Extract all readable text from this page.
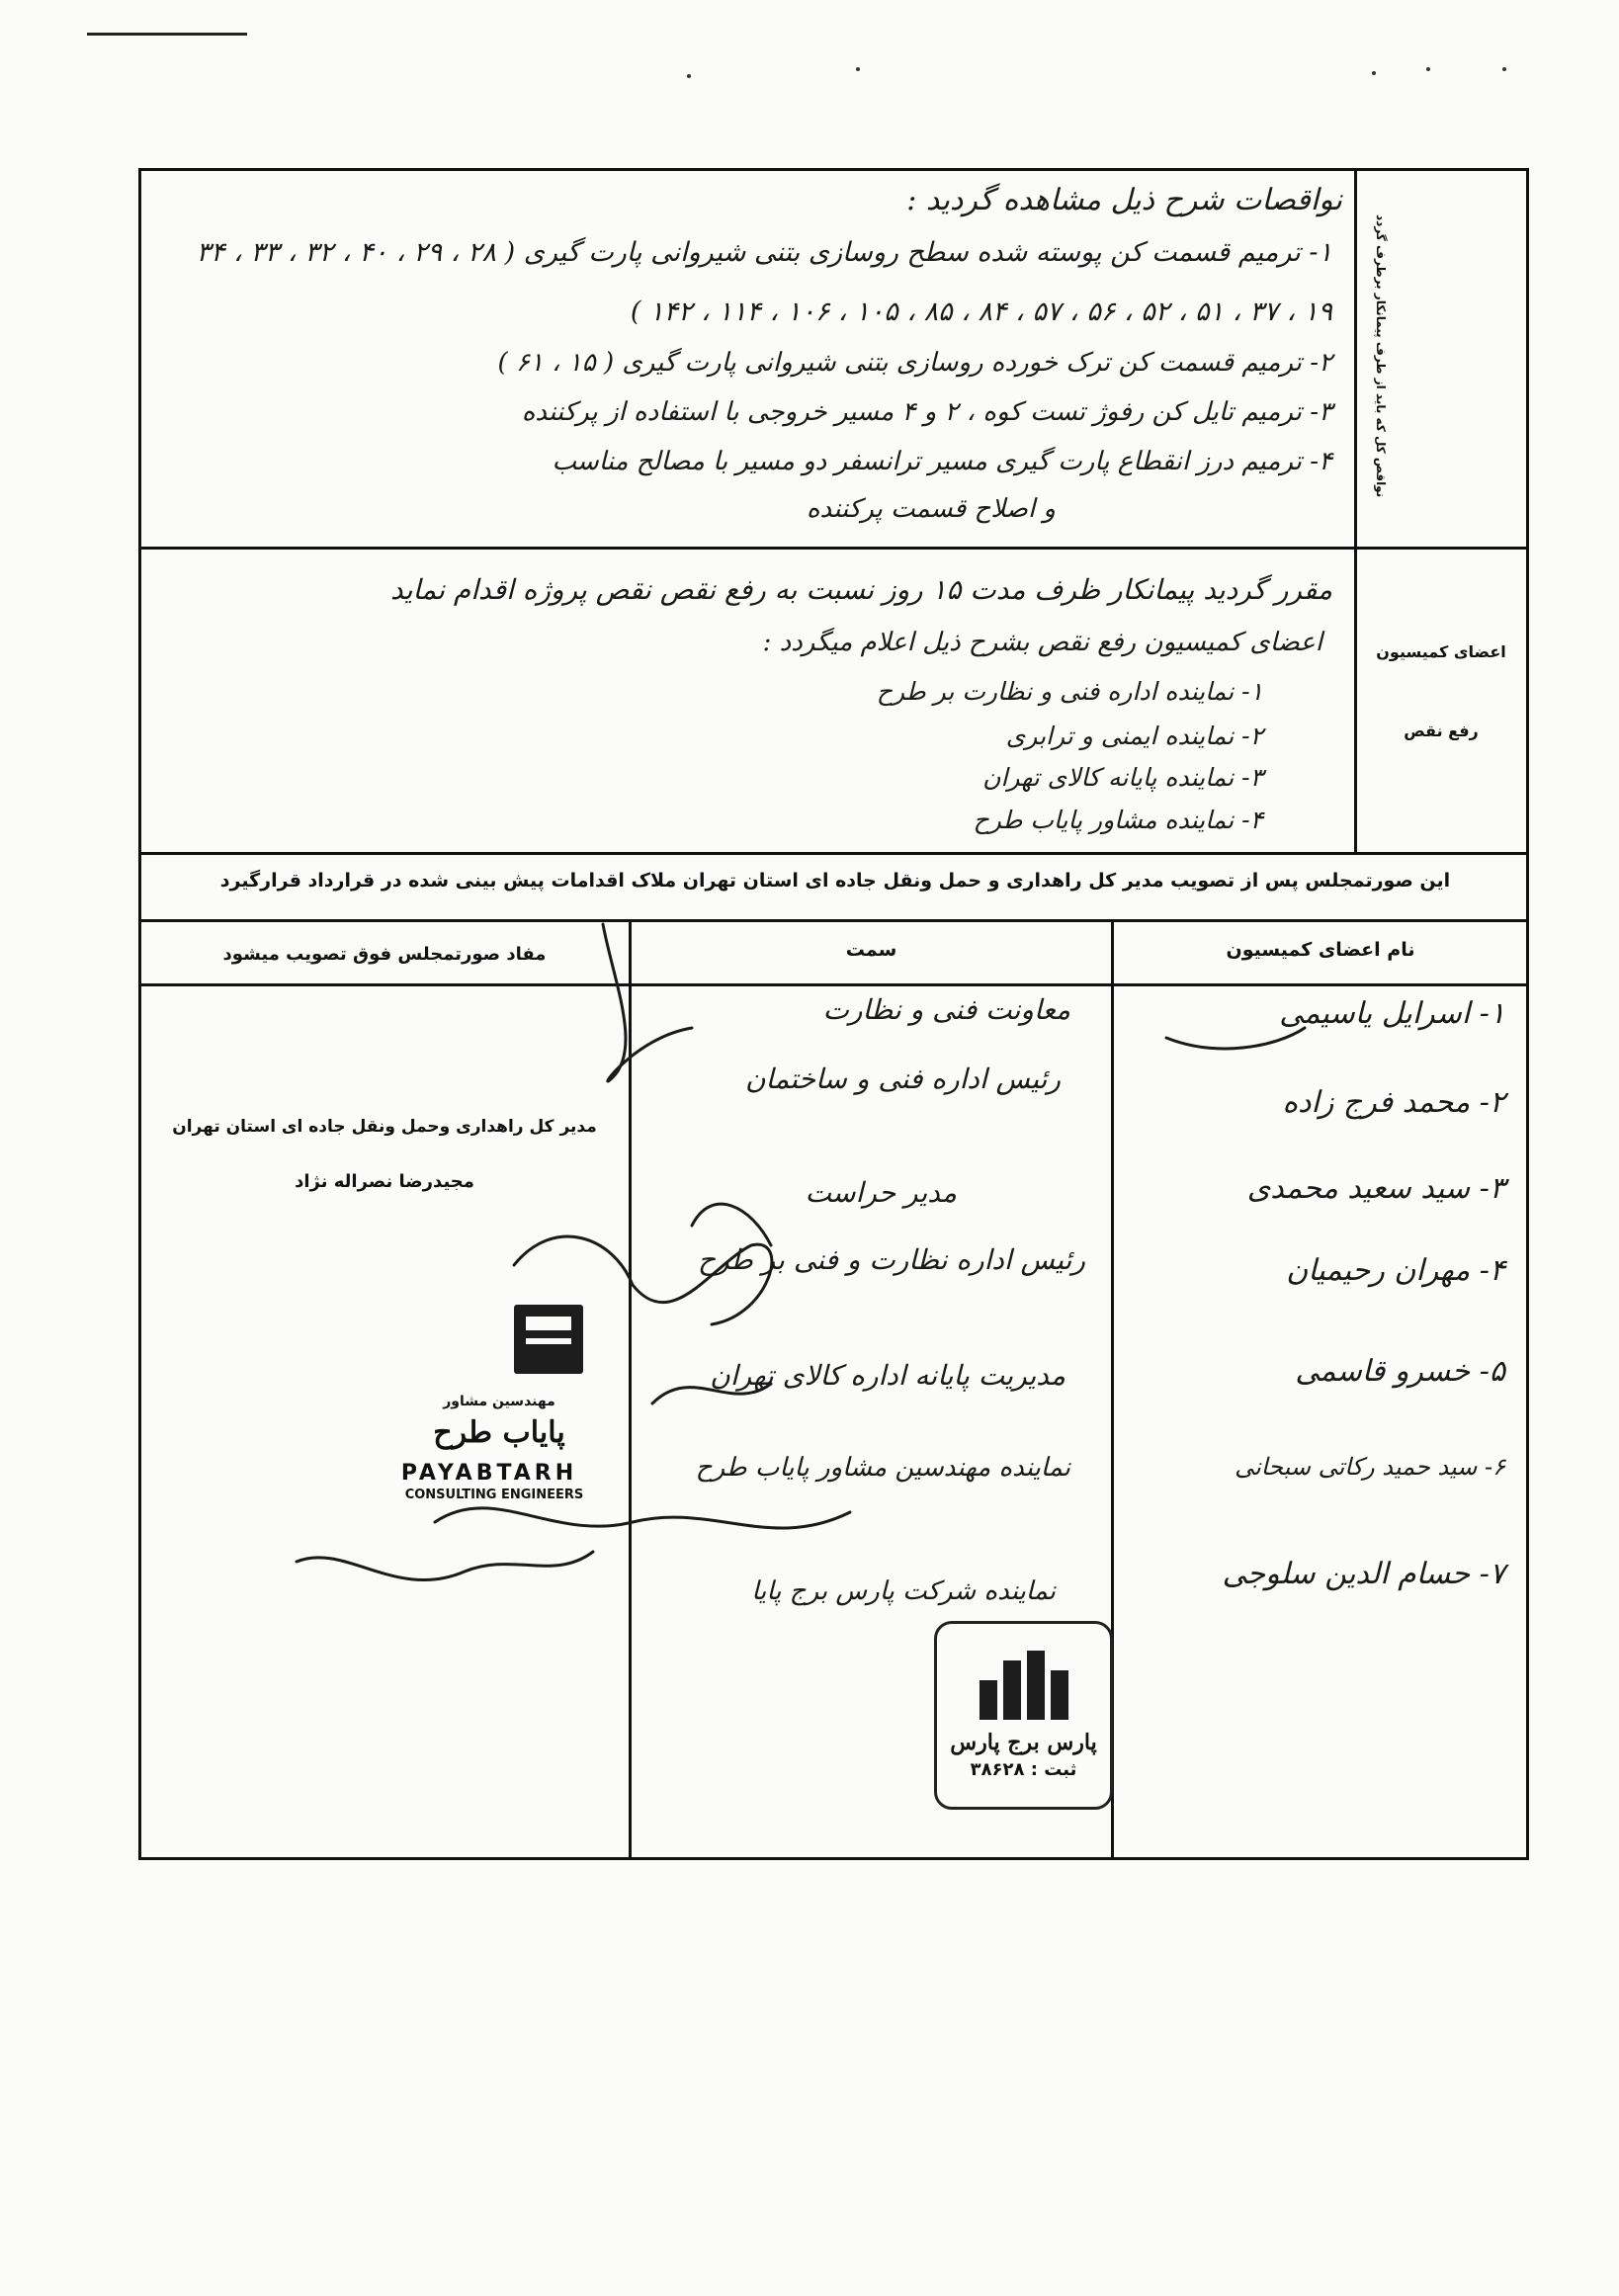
نواقص کل که باید از طرف پیمانکار برطرف گردد
نواقصات شرح ذیل مشاهده گردید :
۱- ترمیم قسمت کن پوسته شده سطح روسازی بتنی شیروانی پارت گیری ( ۲۸ ، ۲۹ ، ۴۰ ، ۳۲ ، ۳۳ ، ۳۴
۱۹ ، ۳۷ ، ۵۱ ، ۵۲ ، ۵۶ ، ۵۷ ، ۸۴ ، ۸۵ ، ۱۰۵ ، ۱۰۶ ، ۱۱۴ ، ۱۴۲ )
۲- ترمیم قسمت کن ترک خورده روسازی بتنی شیروانی پارت گیری ( ۱۵ ، ۶۱ )
۳- ترمیم تایل کن رفوژ تست کوه ، ۲ و ۴ مسیر خروجی با استفاده از پرکننده
۴- ترمیم درز انقطاع پارت گیری مسیر ترانسفر دو مسیر با مصالح مناسب
و اصلاح قسمت پرکننده
اعضای کمیسیون
رفع نقص
مقرر گردید پیمانکار ظرف مدت ۱۵ روز نسبت به رفع نقص نقص پروژه اقدام نماید
اعضای کمیسیون رفع نقص بشرح ذیل اعلام میگردد :
۱- نماینده اداره فنی و نظارت بر طرح
۲- نماینده ایمنی و ترابری
۳- نماینده پایانه کالای تهران
۴- نماینده مشاور پایاب طرح
این صورتمجلس پس از تصویب مدیر کل راهداری و حمل ونقل جاده ای استان تهران ملاک اقدامات پیش بینی شده در قرارداد قرارگیرد
نام اعضای کمیسیون
سمت
مفاد صورتمجلس فوق تصویب میشود
مدیر کل راهداری وحمل ونقل جاده ای استان تهران
مجیدرضا نصراله نژاد
۱- اسرایل یاسیمی
۲- محمد فرج زاده
۳- سید سعید محمدی
۴- مهران رحیمیان
۵- خسرو قاسمی
۶- سید حمید رکاتی سبحانی
۷- حسام الدین سلوجی
معاونت فنی و نظارت
رئیس اداره فنی و ساختمان
مدیر حراست
رئیس اداره نظارت و فنی بر طرح
مدیریت پایانه اداره کالای تهران
نماینده مهندسین مشاور پایاب طرح
نماینده شرکت پارس برج پایا
مهندسین مشاور
پایاب طرح
PAYABTARH
CONSULTING ENGINEERS
پارس برج پارس
ثبت : ۳۸۶۲۸
